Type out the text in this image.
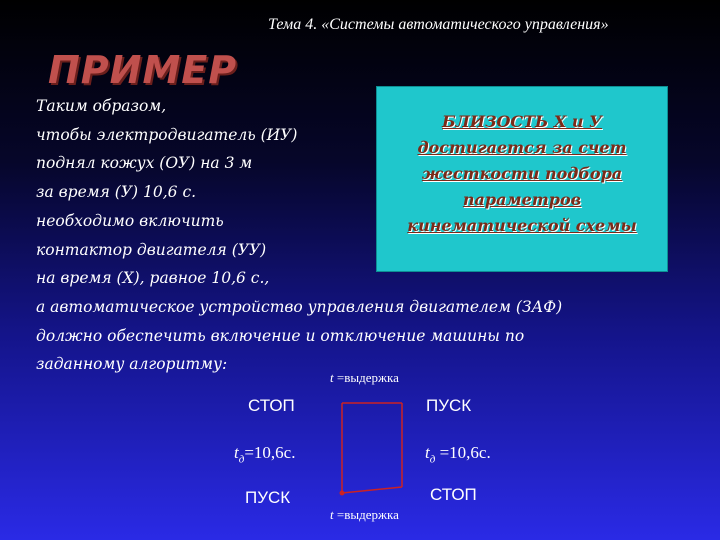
Тема 4. «Системы автоматического управления»
ПРИМЕР
Таким образом,
чтобы электродвигатель (ИУ)
поднял кожух (ОУ) на 3 м
за время (У) 10,6 с.
необходимо включить
контактор двигателя (УУ)
на время (Х), равное 10,6 с.,
а автоматическое устройство управления двигателем (ЗАФ)
должно обеспечить включение и отключение машины по
заданному алгоритму:
БЛИЗОСТЬ Х и У
достигается за счет
жесткости подбора
параметров
кинематической схемы
t =выдержка
СТОП	ПУСК
$t_д=10,6с$.	$t_д =10,6с$.
ПУСК	СТОП
t =выдержка
